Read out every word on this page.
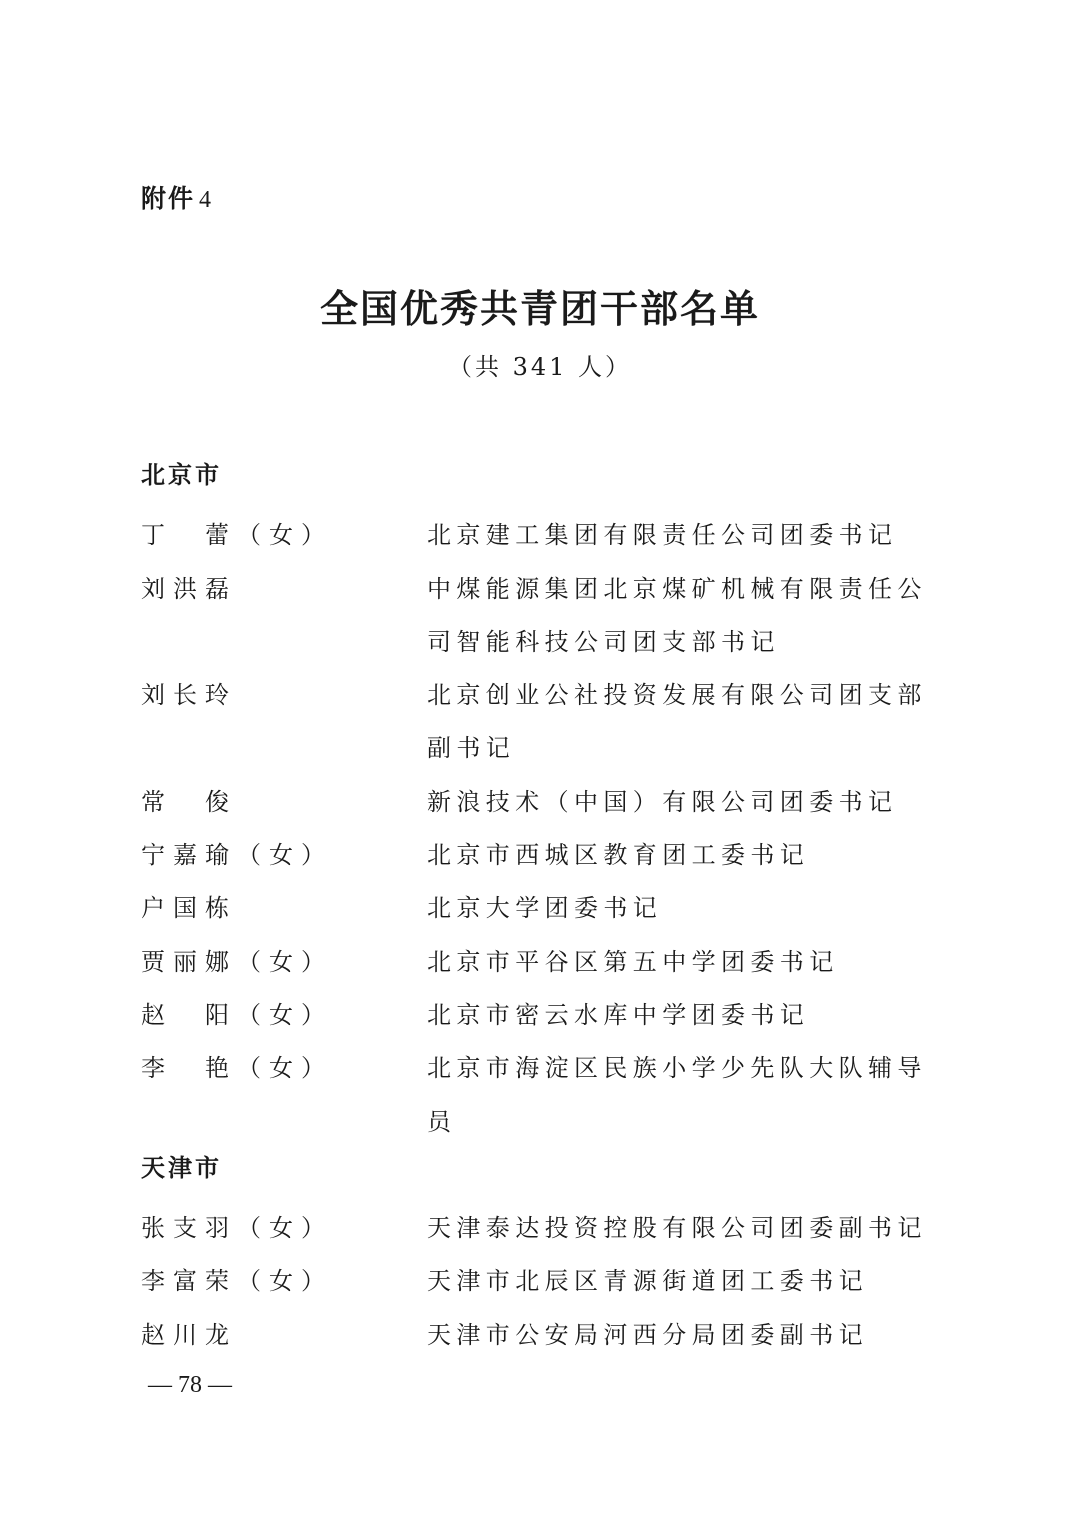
附件 4
全国优秀共青团干部名单
（共 341 人）
北京市
丁　蕾（女）	北京建工集团有限责任公司团委书记
刘洪磊	中煤能源集团北京煤矿机械有限责任公司智能科技公司团支部书记
刘长玲	北京创业公社投资发展有限公司团支部副书记
常　俊	新浪技术（中国）有限公司团委书记
宁嘉瑜（女）	北京市西城区教育团工委书记
户国栋	北京大学团委书记
贾丽娜（女）	北京市平谷区第五中学团委书记
赵　阳（女）	北京市密云水库中学团委书记
李　艳（女）	北京市海淀区民族小学少先队大队辅导员
天津市
张支羽（女）	天津泰达投资控股有限公司团委副书记
李富荣（女）	天津市北辰区青源街道团工委书记
赵川龙	天津市公安局河西分局团委副书记
— 78 —
